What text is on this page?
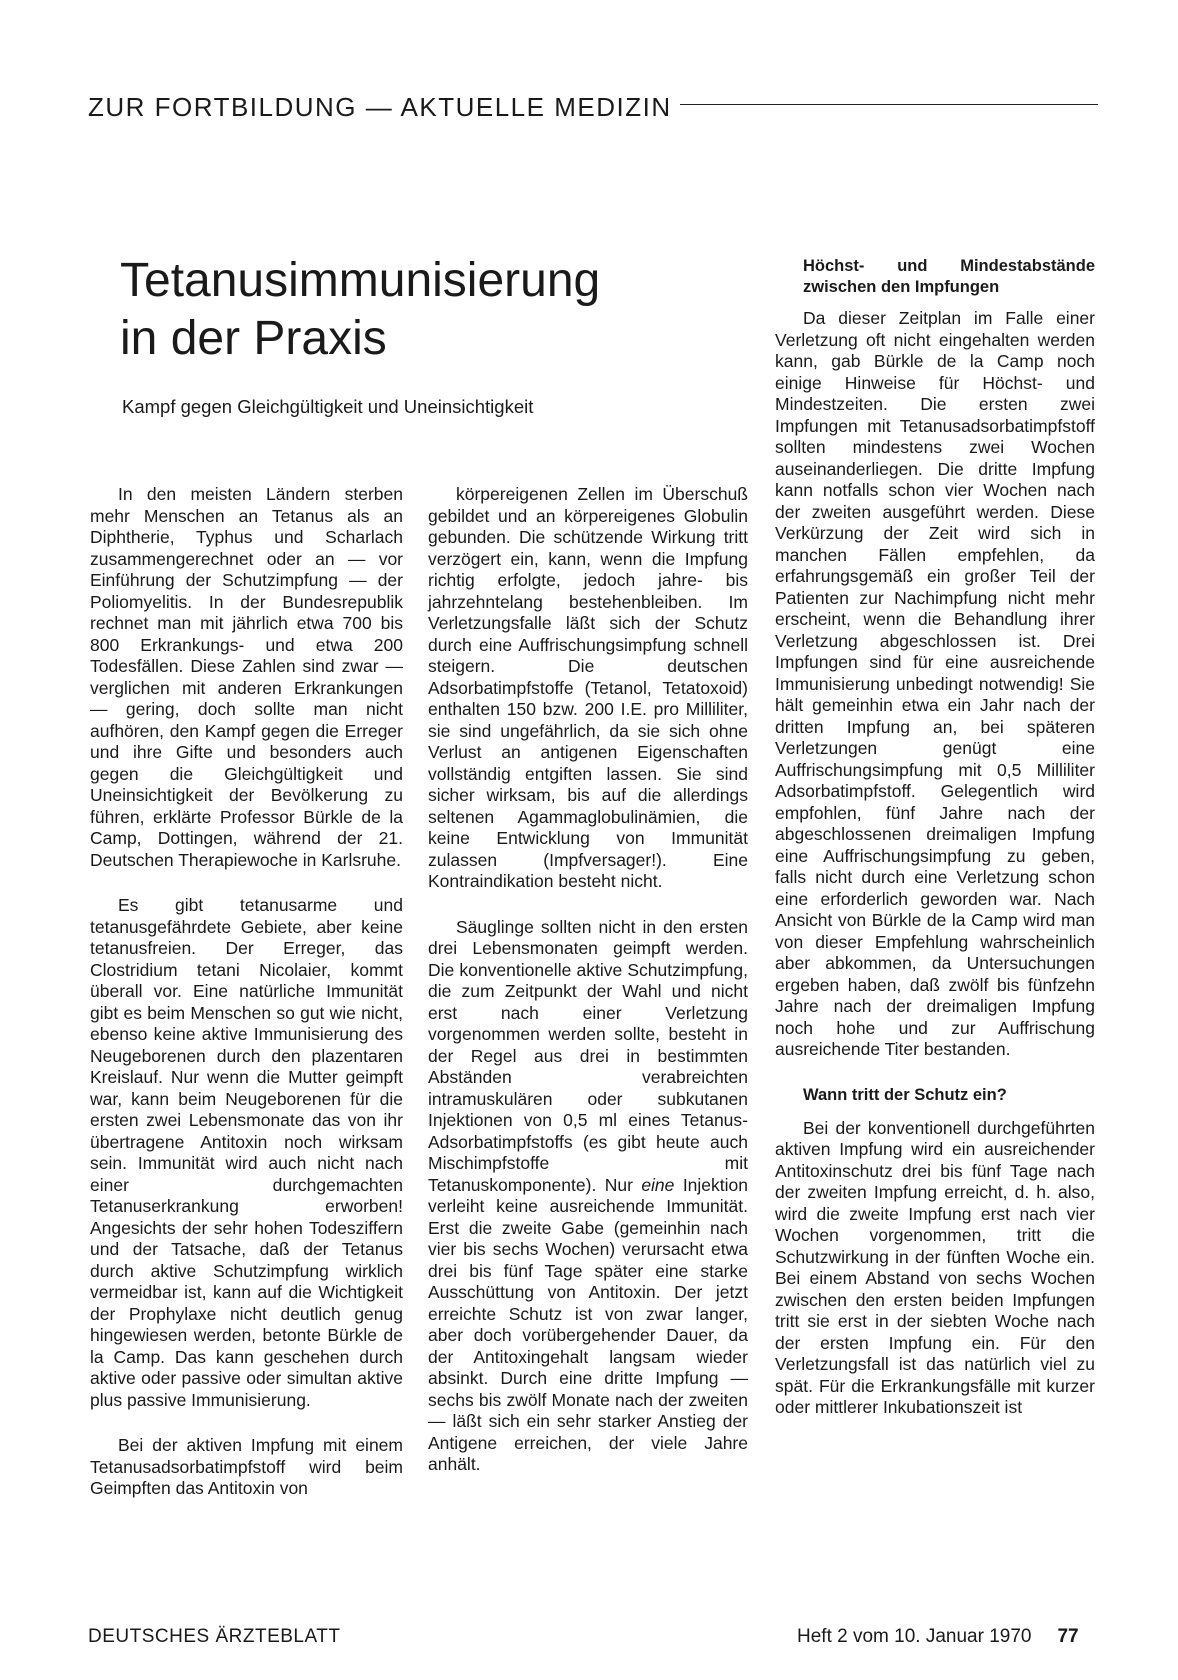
ZUR FORTBILDUNG — AKTUELLE MEDIZIN
Tetanusimmunisierung
in der Praxis

Kampf gegen Gleichgültigkeit und Uneinsichtigkeit

In den meisten Ländern sterben mehr Menschen an Tetanus als an Diphtherie, Typhus und Scharlach zusammengerechnet oder an — vor Einführung der Schutzimpfung — der Poliomyelitis. In der Bundesrepublik rechnet man mit jährlich etwa 700 bis 800 Erkrankungs- und etwa 200 Todesfällen. Diese Zahlen sind zwar — verglichen mit anderen Erkrankungen — gering, doch sollte man nicht aufhören, den Kampf gegen die Erreger und ihre Gifte und besonders auch gegen die Gleichgültigkeit und Uneinsichtigkeit der Bevölkerung zu führen, erklärte Professor Bürkle de la Camp, Dottingen, während der 21. Deutschen Therapiewoche in Karlsruhe.

Es gibt tetanusarme und tetanusgefährdete Gebiete, aber keine tetanusfreien. Der Erreger, das Clostridium tetani Nicolaier, kommt überall vor. Eine natürliche Immunität gibt es beim Menschen so gut wie nicht, ebenso keine aktive Immunisierung des Neugeborenen durch den plazentaren Kreislauf. Nur wenn die Mutter geimpft war, kann beim Neugeborenen für die ersten zwei Lebensmonate das von ihr übertragene Antitoxin noch wirksam sein. Immunität wird auch nicht nach einer durchgemachten Tetanuserkrankung erworben! Angesichts der sehr hohen Todesziffern und der Tatsache, daß der Tetanus durch aktive Schutzimpfung wirklich vermeidbar ist, kann auf die Wichtigkeit der Prophylaxe nicht deutlich genug hingewiesen werden, betonte Bürkle de la Camp. Das kann geschehen durch aktive oder passive oder simultan aktive plus passive Immunisierung.

Bei der aktiven Impfung mit einem Tetanusadsorbatimpfstoff wird beim Geimpften das Antitoxin von

körpereigenen Zellen im Überschuß gebildet und an körpereigenes Globulin gebunden. Die schützende Wirkung tritt verzögert ein, kann, wenn die Impfung richtig erfolgte, jedoch jahre- bis jahrzehntelang bestehenbleiben. Im Verletzungsfalle läßt sich der Schutz durch eine Auffrischungsimpfung schnell steigern. Die deutschen Adsorbatimpfstoffe (Tetanol, Tetatoxoid) enthalten 150 bzw. 200 I.E. pro Milliliter, sie sind ungefährlich, da sie sich ohne Verlust an antigenen Eigenschaften vollständig entgiften lassen. Sie sind sicher wirksam, bis auf die allerdings seltenen Agammaglobulinämien, die keine Entwicklung von Immunität zulassen (Impfversager!). Eine Kontraindikation besteht nicht.

Säuglinge sollten nicht in den ersten drei Lebensmonaten geimpft werden. Die konventionelle aktive Schutzimpfung, die zum Zeitpunkt der Wahl und nicht erst nach einer Verletzung vorgenommen werden sollte, besteht in der Regel aus drei in bestimmten Abständen verabreichten intramuskulären oder subkutanen Injektionen von 0,5 ml eines Tetanus-Adsorbatimpfstoffs (es gibt heute auch Mischimpfstoffe mit Tetanuskomponente). Nur eine Injektion verleiht keine ausreichende Immunität. Erst die zweite Gabe (gemeinhin nach vier bis sechs Wochen) verursacht etwa drei bis fünf Tage später eine starke Ausschüttung von Antitoxin. Der jetzt erreichte Schutz ist von zwar langer, aber doch vorübergehender Dauer, da der Antitoxingehalt langsam wieder absinkt. Durch eine dritte Impfung — sechs bis zwölf Monate nach der zweiten — läßt sich ein sehr starker Anstieg der Antigene erreichen, der viele Jahre anhält.

Höchst- und Mindestabstände zwischen den Impfungen

Da dieser Zeitplan im Falle einer Verletzung oft nicht eingehalten werden kann, gab Bürkle de la Camp noch einige Hinweise für Höchst- und Mindestzeiten. Die ersten zwei Impfungen mit Tetanusadsorbatimpfstoff sollten mindestens zwei Wochen auseinanderliegen. Die dritte Impfung kann notfalls schon vier Wochen nach der zweiten ausgeführt werden. Diese Verkürzung der Zeit wird sich in manchen Fällen empfehlen, da erfahrungsgemäß ein großer Teil der Patienten zur Nachimpfung nicht mehr erscheint, wenn die Behandlung ihrer Verletzung abgeschlossen ist. Drei Impfungen sind für eine ausreichende Immunisierung unbedingt notwendig! Sie hält gemeinhin etwa ein Jahr nach der dritten Impfung an, bei späteren Verletzungen genügt eine Auffrischungsimpfung mit 0,5 Milliliter Adsorbatimpfstoff. Gelegentlich wird empfohlen, fünf Jahre nach der abgeschlossenen dreimaligen Impfung eine Auffrischungsimpfung zu geben, falls nicht durch eine Verletzung schon eine erforderlich geworden war. Nach Ansicht von Bürkle de la Camp wird man von dieser Empfehlung wahrscheinlich aber abkommen, da Untersuchungen ergeben haben, daß zwölf bis fünfzehn Jahre nach der dreimaligen Impfung noch hohe und zur Auffrischung ausreichende Titer bestanden.

Wann tritt der Schutz ein?

Bei der konventionell durchgeführten aktiven Impfung wird ein ausreichender Antitoxinschutz drei bis fünf Tage nach der zweiten Impfung erreicht, d. h. also, wird die zweite Impfung erst nach vier Wochen vorgenommen, tritt die Schutzwirkung in der fünften Woche ein. Bei einem Abstand von sechs Wochen zwischen den ersten beiden Impfungen tritt sie erst in der siebten Woche nach der ersten Impfung ein. Für den Verletzungsfall ist das natürlich viel zu spät. Für die Erkrankungsfälle mit kurzer oder mittlerer Inkubationszeit ist

DEUTSCHES ÄRZTEBLATT	Heft 2 vom 10. Januar 1970 77
